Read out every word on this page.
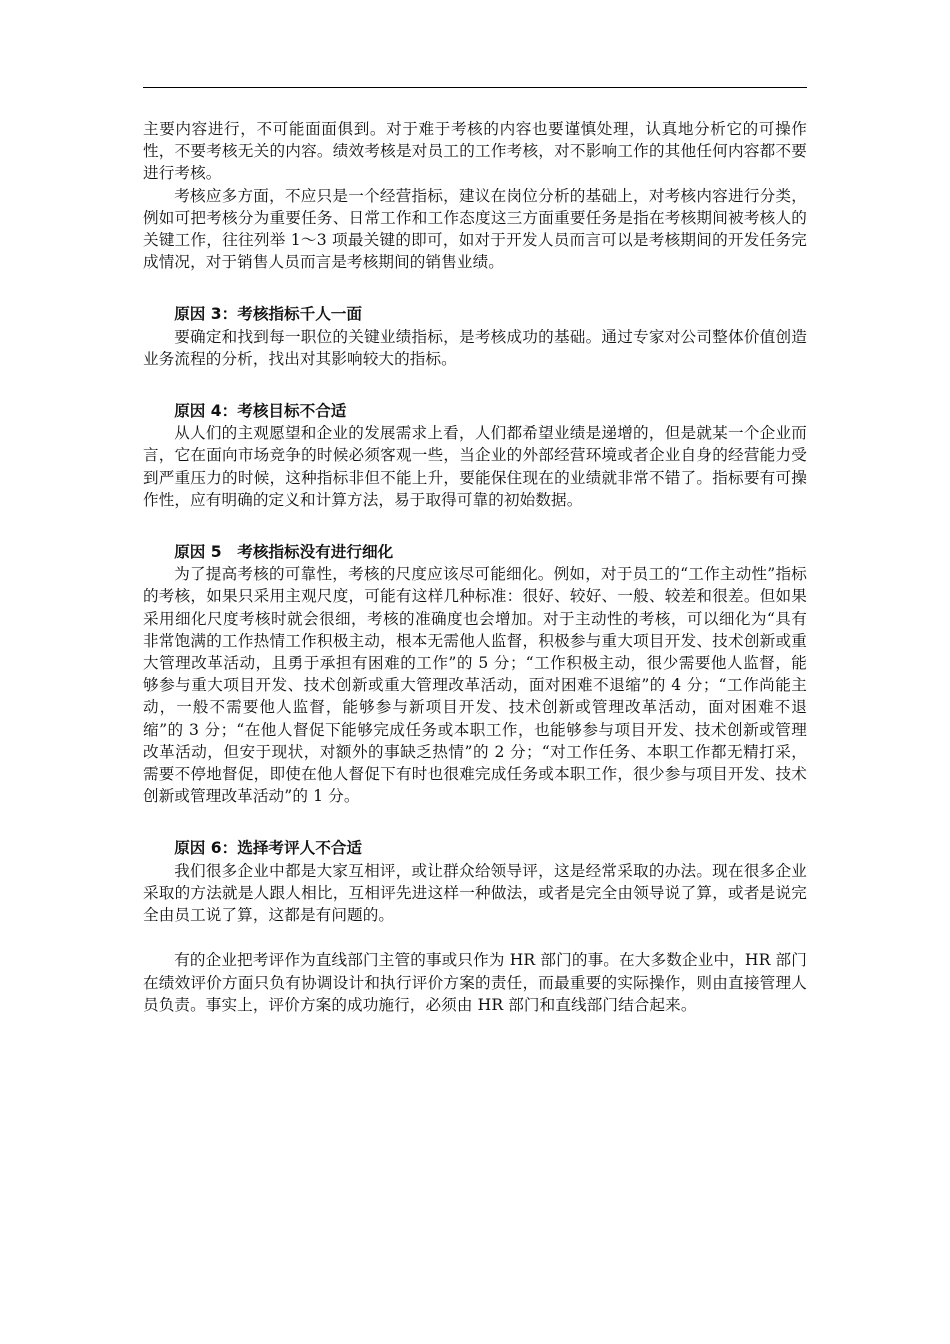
主要内容进行，不可能面面俱到。对于难于考核的内容也要谨慎处理，认真地分析它的可操作性，不要考核无关的内容。绩效考核是对员工的工作考核，对不影响工作的其他任何内容都不要进行考核。

考核应多方面，不应只是一个经营指标，建议在岗位分析的基础上，对考核内容进行分类，例如可把考核分为重要任务、日常工作和工作态度这三方面重要任务是指在考核期间被考核人的关键工作，往往列举 1～3 项最关键的即可，如对于开发人员而言可以是考核期间的开发任务完成情况，对于销售人员而言是考核期间的销售业绩。

原因 3：考核指标千人一面

要确定和找到每一职位的关键业绩指标，是考核成功的基础。通过专家对公司整体价值创造业务流程的分析，找出对其影响较大的指标。

原因 4：考核目标不合适

从人们的主观愿望和企业的发展需求上看，人们都希望业绩是递增的，但是就某一个企业而言，它在面向市场竞争的时候必须客观一些，当企业的外部经营环境或者企业自身的经营能力受到严重压力的时候，这种指标非但不能上升，要能保住现在的业绩就非常不错了。指标要有可操作性，应有明确的定义和计算方法，易于取得可靠的初始数据。

原因 5　考核指标没有进行细化

为了提高考核的可靠性，考核的尺度应该尽可能细化。例如，对于员工的“工作主动性”指标的考核，如果只采用主观尺度，可能有这样几种标准：很好、较好、一般、较差和很差。但如果采用细化尺度考核时就会很细，考核的准确度也会增加。对于主动性的考核，可以细化为“具有非常饱满的工作热情工作积极主动，根本无需他人监督，积极参与重大项目开发、技术创新或重大管理改革活动，且勇于承担有困难的工作”的 5 分；“工作积极主动，很少需要他人监督，能够参与重大项目开发、技术创新或重大管理改革活动，面对困难不退缩”的 4 分；“工作尚能主动，一般不需要他人监督，能够参与新项目开发、技术创新或管理改革活动，面对困难不退缩”的 3 分；“在他人督促下能够完成任务或本职工作，也能够参与项目开发、技术创新或管理改革活动，但安于现状，对额外的事缺乏热情”的 2 分；“对工作任务、本职工作都无精打采，需要不停地督促，即使在他人督促下有时也很难完成任务或本职工作，很少参与项目开发、技术创新或管理改革活动”的 1 分。

原因 6：选择考评人不合适

我们很多企业中都是大家互相评，或让群众给领导评，这是经常采取的办法。现在很多企业采取的方法就是人跟人相比，互相评先进这样一种做法，或者是完全由领导说了算，或者是说完全由员工说了算，这都是有问题的。

有的企业把考评作为直线部门主管的事或只作为 HR 部门的事。在大多数企业中，HR 部门在绩效评价方面只负有协调设计和执行评价方案的责任，而最重要的实际操作，则由直接管理人员负责。事实上，评价方案的成功施行，必须由 HR 部门和直线部门结合起来。
